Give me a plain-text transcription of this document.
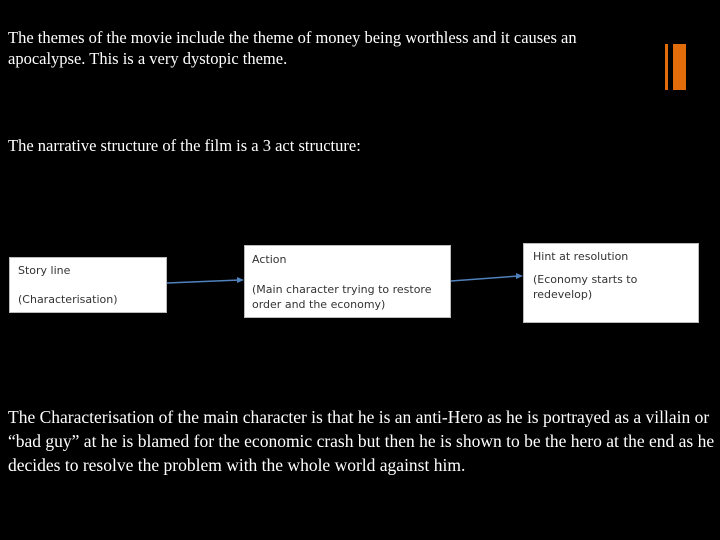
The themes of the movie include the theme of money being worthless and it causes an apocalypse. This is a very dystopic theme.

The narrative structure of the film is a 3 act structure:

Story line
(Characterisation)
Action
(Main character trying to restore order and the economy)
Hint at resolution
(Economy starts to redevelop)

The Characterisation of the main character is that he is an anti-Hero as he is portrayed as a villain or “bad guy” at he is blamed for the economic crash but then he is shown to be the hero at the end as he decides to resolve the problem with the whole world against him.
